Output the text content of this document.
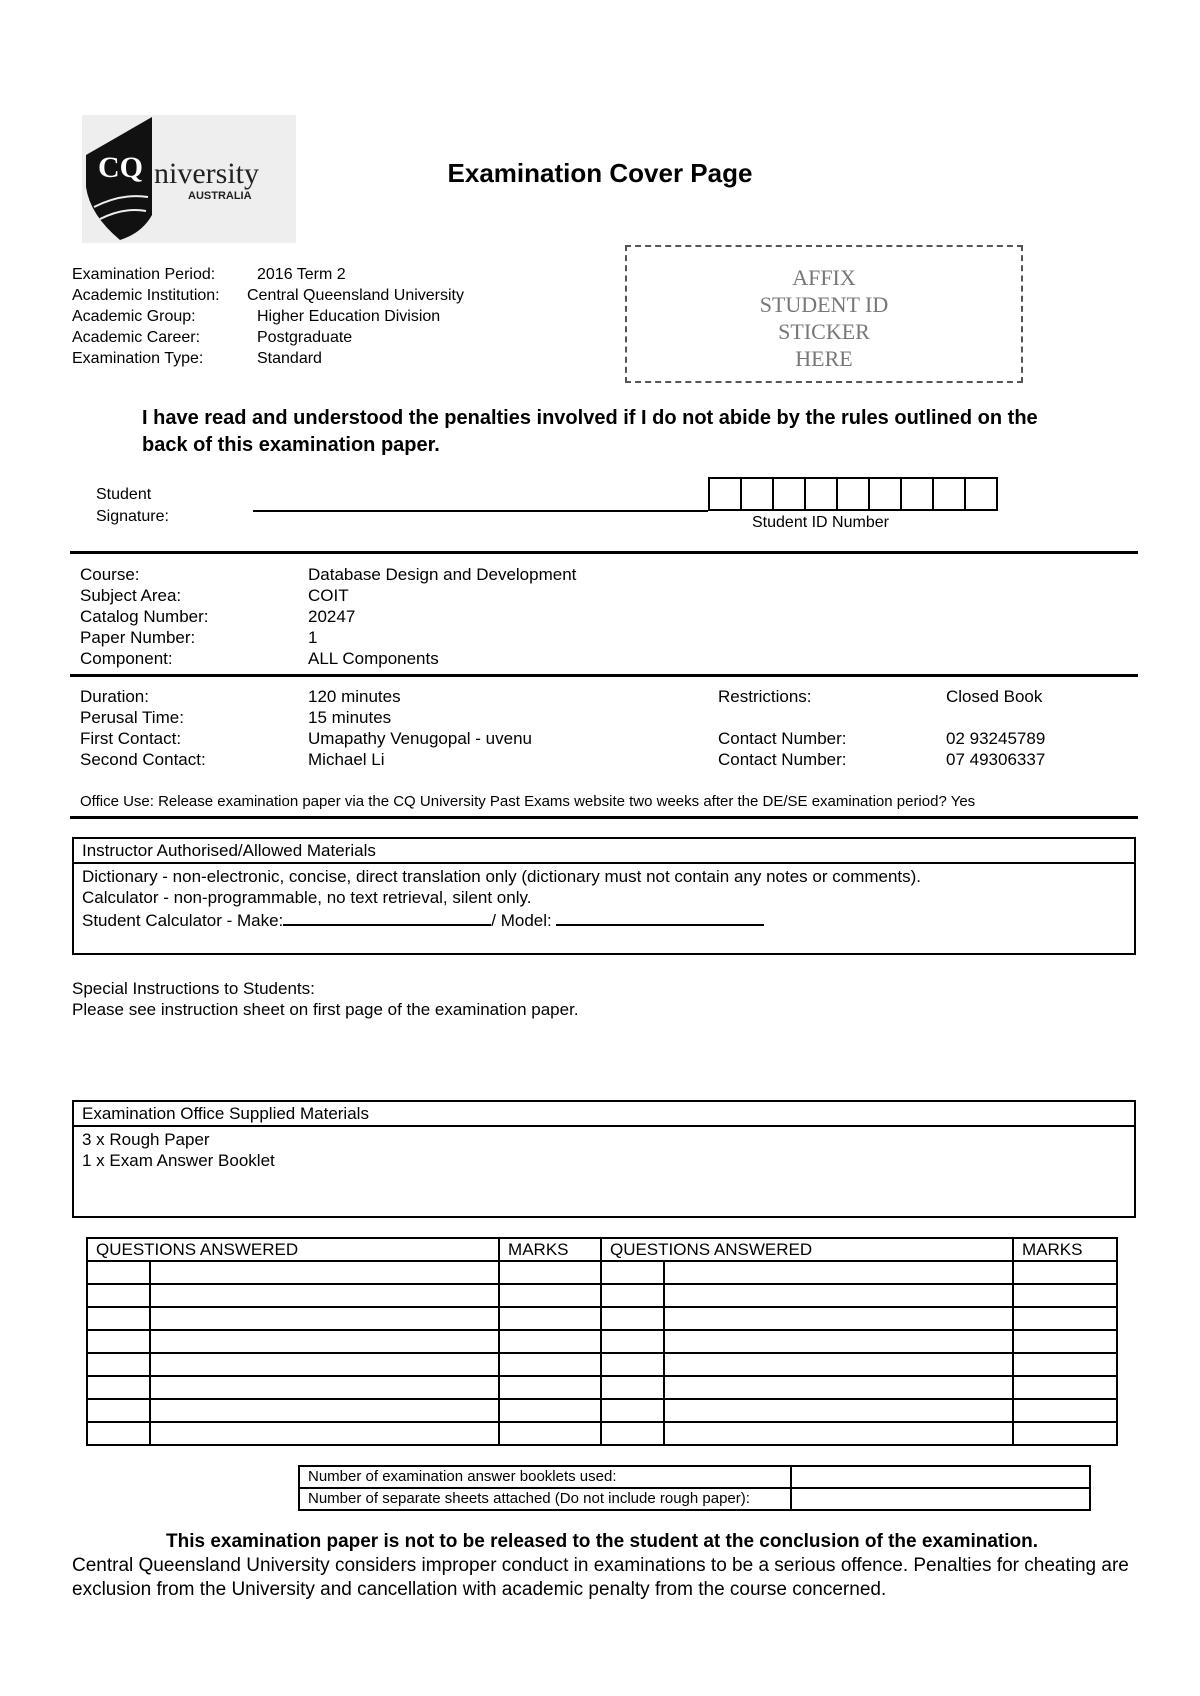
CQ niversity
AUSTRALIA
Examination Cover Page
Examination Period:	2016 Term 2
Academic Institution: Central Queensland University
Academic Group:	Higher Education Division
Academic Career:	Postgraduate
Examination Type:	Standard
AFFIX
STUDENT ID
STICKER
HERE
I have read and understood the penalties involved if I do not abide by the rules outlined on the back of this examination paper.
Student
Signature:	Student ID Number
Course:	Database Design and Development
Subject Area:	COIT
Catalog Number:	20247
Paper Number:	1
Component:	ALL Components
Duration:	120 minutes	Restrictions:	Closed Book
Perusal Time:	15 minutes
First Contact:	Umapathy Venugopal - uvenu	Contact Number:	02 93245789
Second Contact:	Michael Li	Contact Number:	07 49306337
Office Use: Release examination paper via the CQ University Past Exams website two weeks after the DE/SE examination period? Yes
Instructor Authorised/Allowed Materials
Dictionary - non-electronic, concise, direct translation only (dictionary must not contain any notes or comments).
Calculator - non-programmable, no text retrieval, silent only.
Student Calculator - Make:	/ Model:
Special Instructions to Students:
Please see instruction sheet on first page of the examination paper.
Examination Office Supplied Materials
3 x Rough Paper
1 x Exam Answer Booklet
QUESTIONS ANSWERED		MARKS	QUESTIONS ANSWERED		MARKS

Number of examination answer booklets used:	
Number of separate sheets attached (Do not include rough paper):	
This examination paper is not to be released to the student at the conclusion of the examination.
Central Queensland University considers improper conduct in examinations to be a serious offence. Penalties for cheating are exclusion from the University and cancellation with academic penalty from the course concerned.
